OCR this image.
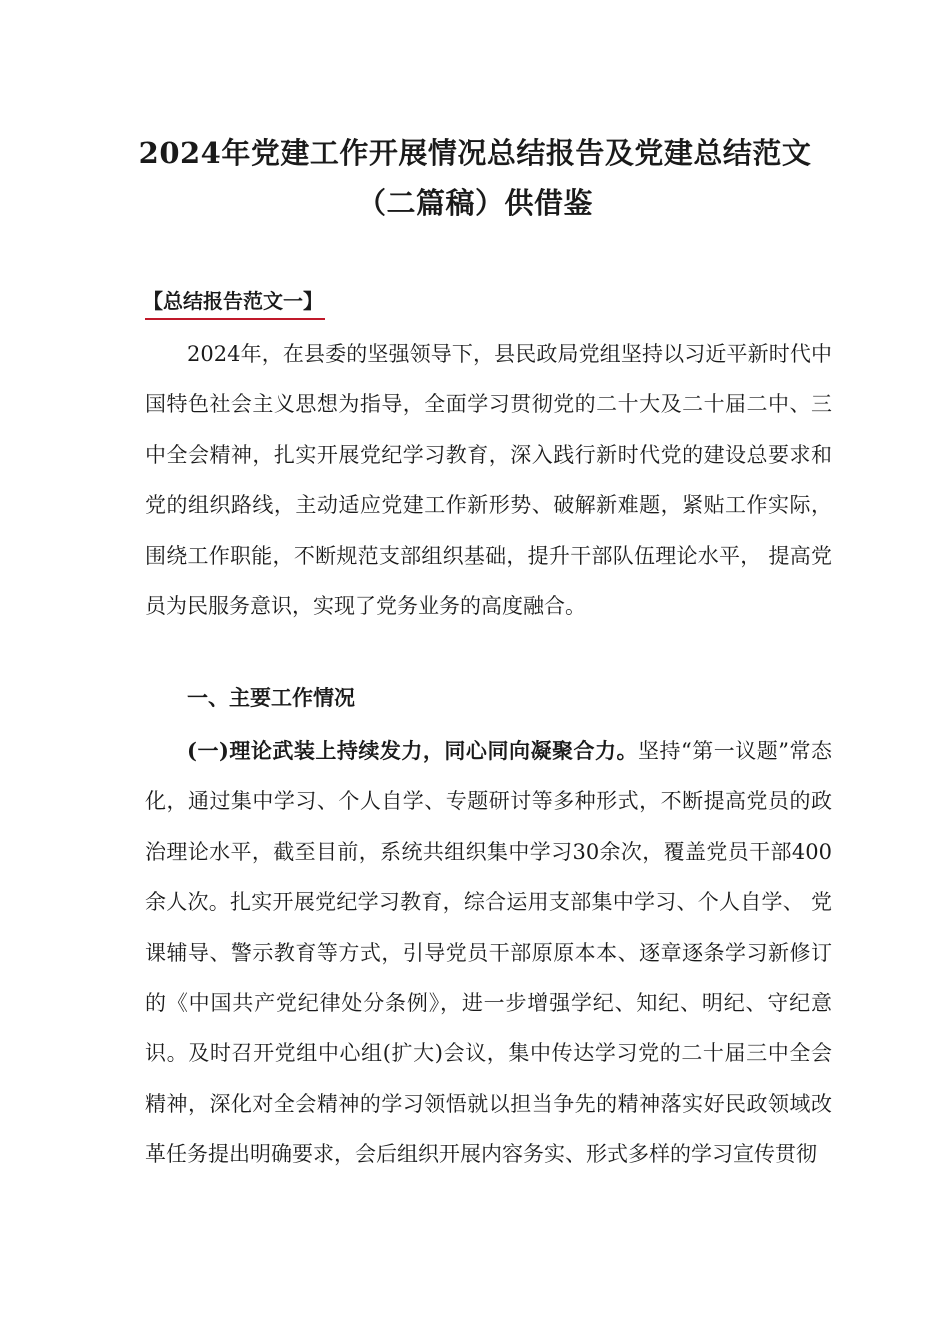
2024年党建工作开展情况总结报告及党建总结范文
（二篇稿）供借鉴
【总结报告范文一】

2024年，在县委的坚强领导下，县民政局党组坚持以习近平新时代中国特色社会主义思想为指导，全面学习贯彻党的二十大及二十届二中、三中全会精神，扎实开展党纪学习教育，深入践行新时代党的建设总要求和党的组织路线，主动适应党建工作新形势、破解新难题，紧贴工作实际，围绕工作职能，不断规范支部组织基础，提升干部队伍理论水平， 提高党员为民服务意识，实现了党务业务的高度融合。

一、主要工作情况

(一)理论武装上持续发力，同心同向凝聚合力。坚持“第一议题”常态化，通过集中学习、个人自学、专题研讨等多种形式，不断提高党员的政治理论水平，截至目前，系统共组织集中学习30余次，覆盖党员干部400余人次。扎实开展党纪学习教育，综合运用支部集中学习、个人自学、 党课辅导、警示教育等方式，引导党员干部原原本本、逐章逐条学习新修订的《中国共产党纪律处分条例》，进一步增强学纪、知纪、明纪、守纪意识。及时召开党组中心组(扩大)会议，集中传达学习党的二十届三中全会精神，深化对全会精神的学习领悟就以担当争先的精神落实好民政领域改革任务提出明确要求，会后组织开展内容务实、形式多样的学习宣传贯彻
